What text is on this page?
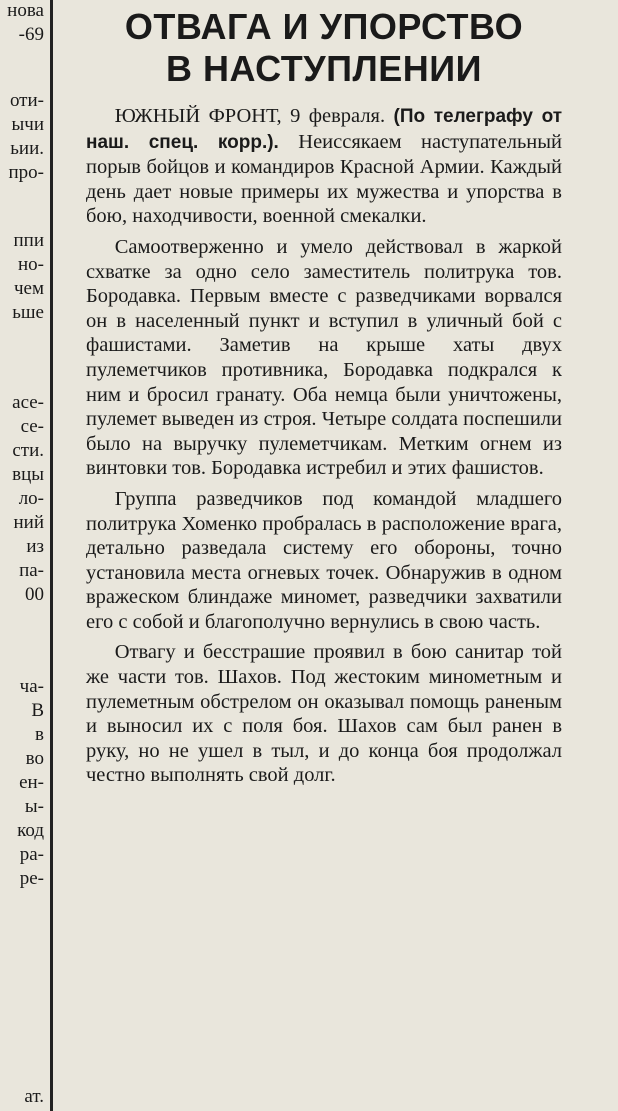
нова
-69
оти-
ычи
ьии.
про-
ппи
но-
чем
ьше
асе-
се-
сти.
вцы
ло-
ний
из
па-
00
ча-
В
в
во
ен-
ы-
код
ра-
ре-
ат.
ОТВАГА И УПОРСТВО
В НАСТУПЛЕНИИ

ЮЖНЫЙ ФРОНТ, 9 февраля. (По телеграфу от наш. спец. корр.). Неиссякаем наступательный порыв бойцов и командиров Красной Армии. Каждый день дает новые примеры их мужества и упорства в бою, находчивости, военной смекалки.

Самоотверженно и умело действовал в жаркой схватке за одно село заместитель политрука тов. Бородавка. Первым вместе с разведчиками ворвался он в населенный пункт и вступил в уличный бой с фашистами. Заметив на крыше хаты двух пулеметчиков противника, Бородавка подкрался к ним и бросил гранату. Оба немца были уничтожены, пулемет выведен из строя. Четыре солдата поспешили было на выручку пулеметчикам. Метким огнем из винтовки тов. Бородавка истребил и этих фашистов.

Группа разведчиков под командой младшего политрука Хоменко пробралась в расположение врага, детально разведала систему его обороны, точно установила места огневых точек. Обнаружив в одном вражеском блиндаже миномет, разведчики захватили его с собой и благополучно вернулись в свою часть.

Отвагу и бесстрашие проявил в бою санитар той же части тов. Шахов. Под жестоким минометным и пулеметным обстрелом он оказывал помощь раненым и выносил их с поля боя. Шахов сам был ранен в руку, но не ушел в тыл, и до конца боя продолжал честно выполнять свой долг.
